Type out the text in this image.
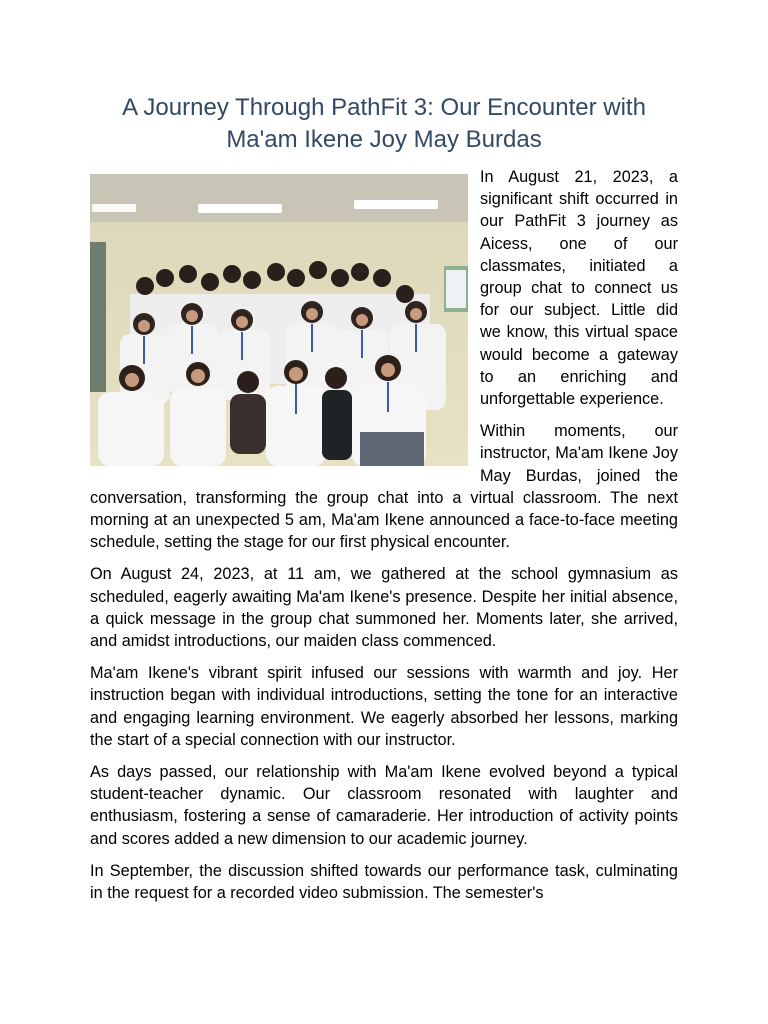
A Journey Through PathFit 3: Our Encounter with Ma'am Ikene Joy May Burdas

In August 21, 2023, a significant shift occurred in our PathFit 3 journey as Aicess, one of our classmates, initiated a group chat to connect us for our subject. Little did we know, this virtual space would become a gateway to an enriching and unforgettable experience.

Within moments, our instructor, Ma'am Ikene Joy May Burdas, joined the conversation, transforming the group chat into a virtual classroom. The next morning at an unexpected 5 am, Ma'am Ikene announced a face-to-face meeting schedule, setting the stage for our first physical encounter.

On August 24, 2023, at 11 am, we gathered at the school gymnasium as scheduled, eagerly awaiting Ma'am Ikene's presence. Despite her initial absence, a quick message in the group chat summoned her. Moments later, she arrived, and amidst introductions, our maiden class commenced.

Ma'am Ikene's vibrant spirit infused our sessions with warmth and joy. Her instruction began with individual introductions, setting the tone for an interactive and engaging learning environment. We eagerly absorbed her lessons, marking the start of a special connection with our instructor.

As days passed, our relationship with Ma'am Ikene evolved beyond a typical student-teacher dynamic. Our classroom resonated with laughter and enthusiasm, fostering a sense of camaraderie. Her introduction of activity points and scores added a new dimension to our academic journey.

In September, the discussion shifted towards our performance task, culminating in the request for a recorded video submission. The semester's
